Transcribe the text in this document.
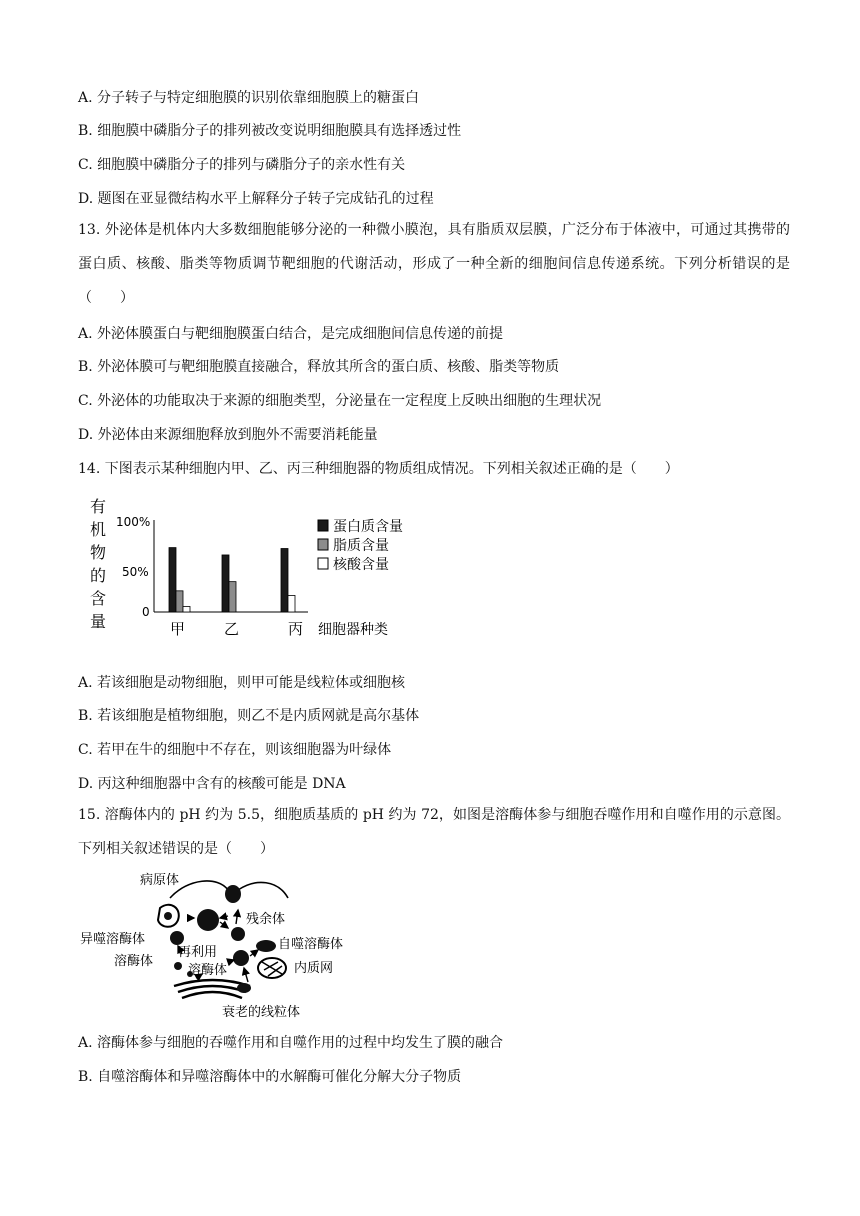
A. 分子转子与特定细胞膜的识别依靠细胞膜上的糖蛋白
B. 细胞膜中磷脂分子的排列被改变说明细胞膜具有选择透过性
C. 细胞膜中磷脂分子的排列与磷脂分子的亲水性有关
D. 题图在亚显微结构水平上解释分子转子完成钻孔的过程
13. 外泌体是机体内大多数细胞能够分泌的一种微小膜泡，具有脂质双层膜，广泛分布于体液中，可通过其携带的蛋白质、核酸、脂类等物质调节靶细胞的代谢活动，形成了一种全新的细胞间信息传递系统。下列分析错误的是（　　）
A. 外泌体膜蛋白与靶细胞膜蛋白结合，是完成细胞间信息传递的前提
B. 外泌体膜可与靶细胞膜直接融合，释放其所含的蛋白质、核酸、脂类等物质
C. 外泌体的功能取决于来源的细胞类型，分泌量在一定程度上反映出细胞的生理状况
D. 外泌体由来源细胞释放到胞外不需要消耗能量
14. 下图表示某种细胞内甲、乙、丙三种细胞器的物质组成情况。下列相关叙述正确的是（　　）
有
机
物
的
含
量
100%
50%
0
甲	乙	丙 细胞器种类
蛋白质含量
脂质含量
核酸含量
A. 若该细胞是动物细胞，则甲可能是线粒体或细胞核
B. 若该细胞是植物细胞，则乙不是内质网就是高尔基体
C. 若甲在牛的细胞中不存在，则该细胞器为叶绿体
D. 丙这种细胞器中含有的核酸可能是 DNA
15. 溶酶体内的 pH 约为 5.5，细胞质基质的 pH 约为 72，如图是溶酶体参与细胞吞噬作用和自噬作用的示意图。下列相关叙述错误的是（　　）
病原体
残余体
异噬溶酶体	自噬溶酶体
再利用
溶酶体
溶酶体	内质网
衰老的线粒体
A. 溶酶体参与细胞的吞噬作用和自噬作用的过程中均发生了膜的融合
B. 自噬溶酶体和异噬溶酶体中的水解酶可催化分解大分子物质
